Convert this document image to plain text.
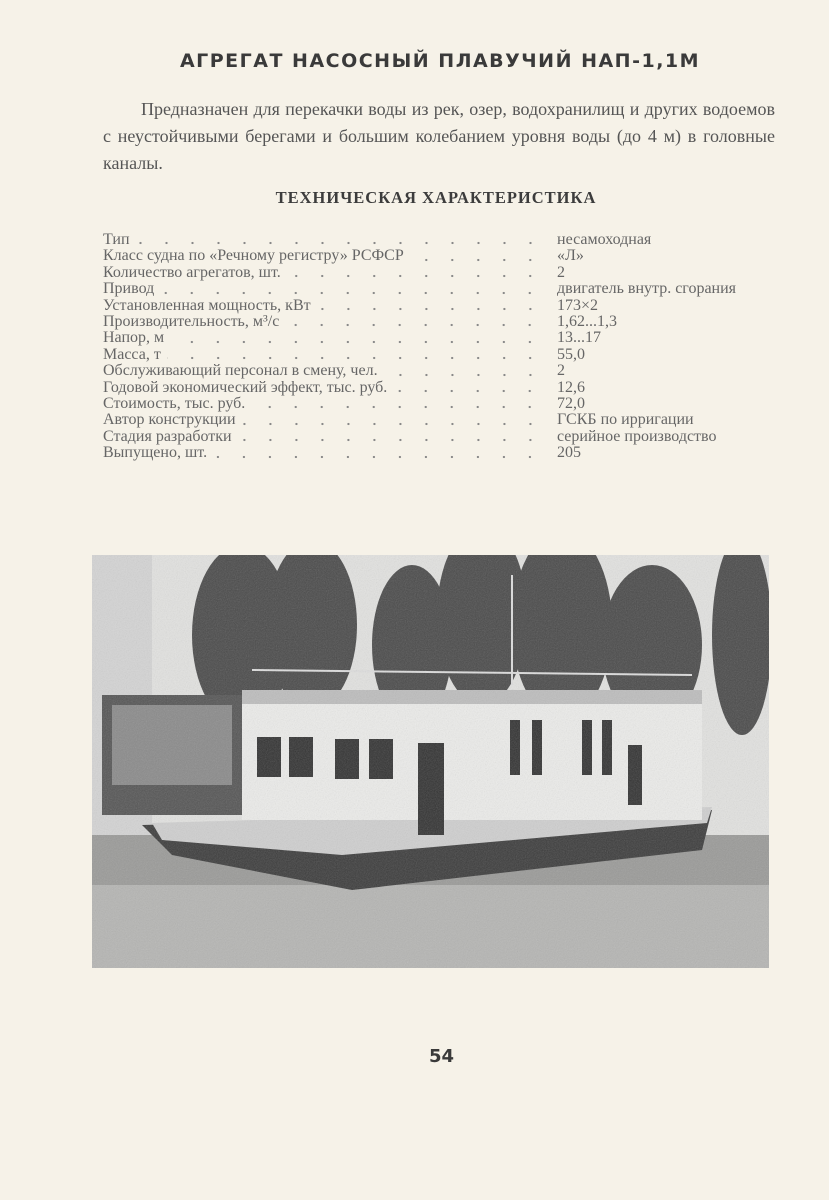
АГРЕГАТ НАСОСНЫЙ ПЛАВУЧИЙ НАП-1,1М
Предназначен для перекачки воды из рек, озер, водохранилищ и других водоемов с неустойчивыми берегами и большим колебанием уровня воды (до 4 м) в головные каналы.
ТЕХНИЧЕСКАЯ ХАРАКТЕРИСТИКА
Тип	несамоходная
Класс судна по «Речному регистру» РСФСР	«Л»
Количество агрегатов, шт.	2
Привод	двигатель внутр. сгорания
Установленная мощность, кВт	173×2
Производительность, м³/с	1,62...1,3
Напор, м	13...17
Масса, т	55,0
Обслуживающий персонал в смену, чел.	2
Годовой экономический эффект, тыс. руб.	12,6
Стоимость, тыс. руб.	72,0
Автор конструкции	ГСКБ по ирригации
Стадия разработки	серийное производство
Выпущено, шт.	205
54
